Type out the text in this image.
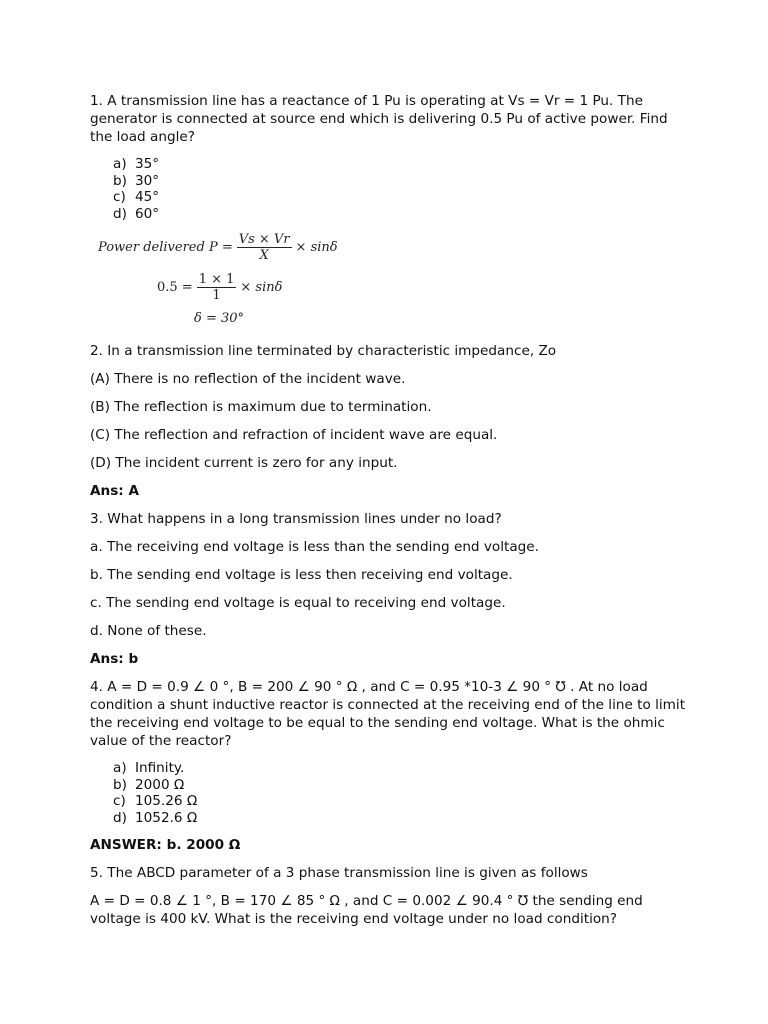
1. A transmission line has a reactance of 1 Pu is operating at Vs = Vr = 1 Pu. The generator is connected at source end which is delivering 0.5 Pu of active power. Find the load angle?

a) 35°
b) 30°
c) 45°
d) 60°
Power delivered $P = \frac{Vs \times Vr}{X} \times \sin\delta$
$0.5 = \frac{1 \times 1}{1} \times \sin\delta$
δ = 30°

2. In a transmission line terminated by characteristic impedance, Zo

(A) There is no reflection of the incident wave.

(B) The reflection is maximum due to termination.

(C) The reflection and refraction of incident wave are equal.

(D) The incident current is zero for any input.

Ans: A

3. What happens in a long transmission lines under no load?

a. The receiving end voltage is less than the sending end voltage.

b. The sending end voltage is less then receiving end voltage.

c. The sending end voltage is equal to receiving end voltage.

d. None of these.

Ans: b

4. A = D = 0.9 ∠ 0 °, B = 200 ∠ 90 ° Ω , and C = 0.95 *10-3 ∠ 90 ° ℧ . At no load condition a shunt inductive reactor is connected at the receiving end of the line to limit the receiving end voltage to be equal to the sending end voltage. What is the ohmic value of the reactor?

a) Infinity.
b) 2000 Ω
c) 105.26 Ω
d) 1052.6 Ω

ANSWER: b. 2000 Ω

5. The ABCD parameter of a 3 phase transmission line is given as follows

A = D = 0.8 ∠ 1 °, B = 170 ∠ 85 ° Ω , and C = 0.002 ∠ 90.4 ° ℧ the sending end voltage is 400 kV. What is the receiving end voltage under no load condition?
